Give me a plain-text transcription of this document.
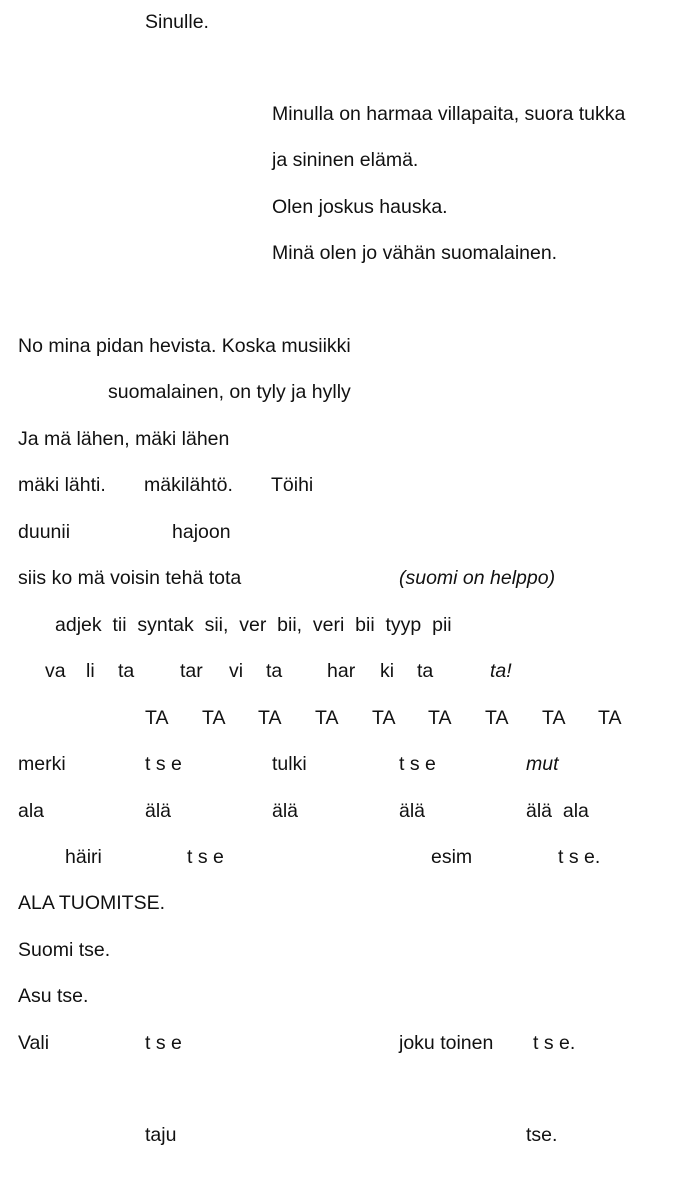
Sinulle.
Minulla on harmaa villapaita, suora tukka
ja sininen elämä.
Olen joskus hauska.
Minä olen jo vähän suomalainen.
No mina pidan hevista. Koska musiikki
suomalainen, on tyly ja hylly
Ja mä lähen, mäki lähen
mäki lähti. mäkilähtö. Töihi
duunii	hajoon
siis ko mä voisin tehä tota	(suomi on helppo)
adjek  tii  syntak  sii,  ver  bii,  veri  bii  tyyp  pii
va li ta tar vi ta har ki ta	ta!
TA TA TA TA TA TA TA TA TA
merki	t s e	tulki	t s e	mut
ala	älä	älä	älä	älä  ala
häiri	t s e	esim	t s e.
ALA TUOMITSE.
Suomi tse.
Asu tse.
Vali	t s e	joku toinen t s e.
taju	tse.
